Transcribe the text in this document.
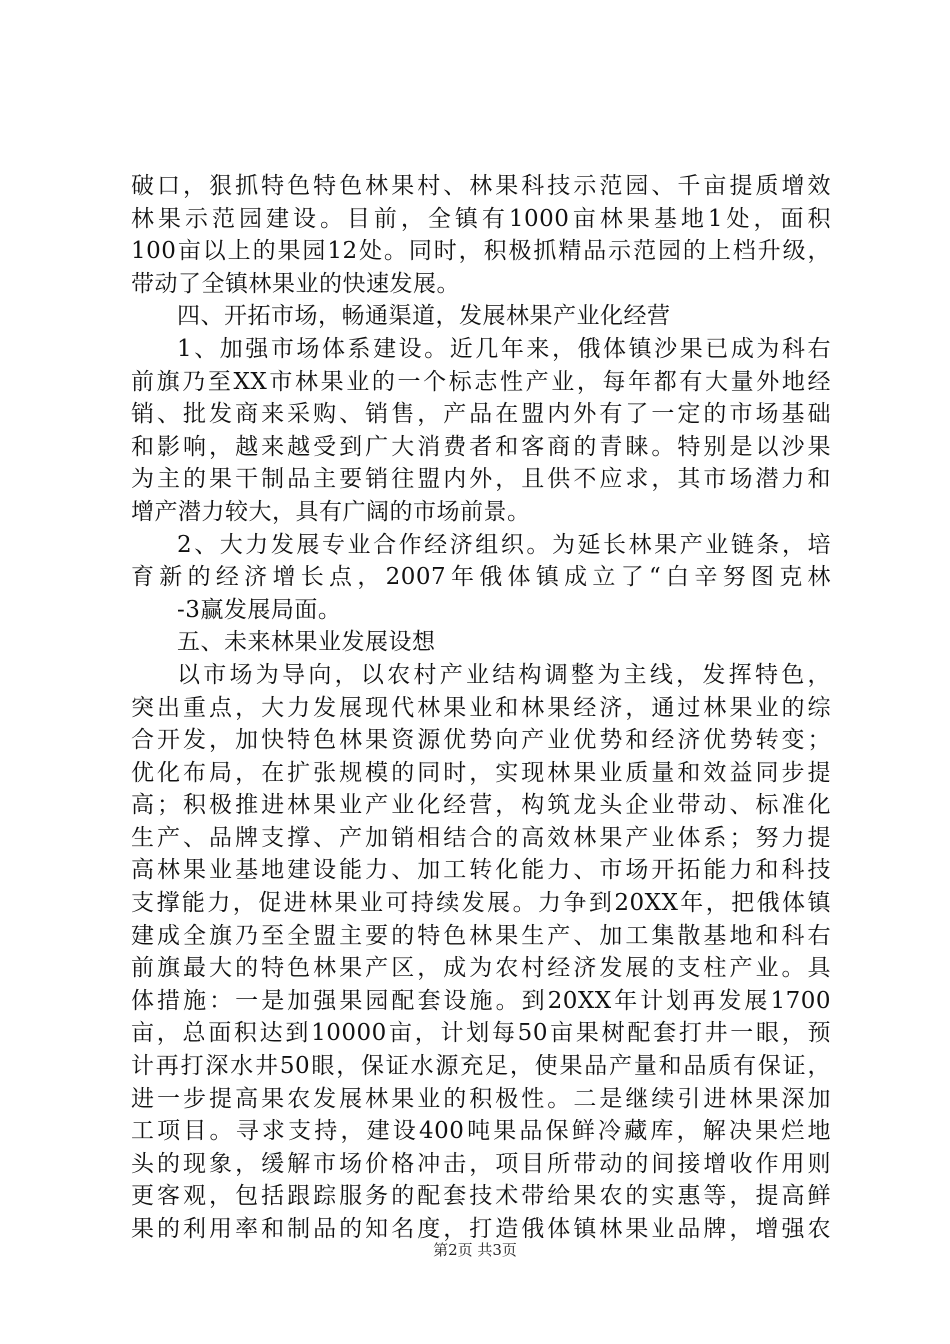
破口，狠抓特色特色林果村、林果科技示范园、千亩提质增效
林果示范园建设。目前，全镇有1000亩林果基地1处，面积
100亩以上的果园12处。同时，积极抓精品示范园的上档升级，
带动了全镇林果业的快速发展。
四、开拓市场，畅通渠道，发展林果产业化经营
1、加强市场体系建设。近几年来，俄体镇沙果已成为科右
前旗乃至XX市林果业的一个标志性产业，每年都有大量外地经
销、批发商来采购、销售，产品在盟内外有了一定的市场基础
和影响，越来越受到广大消费者和客商的青睐。特别是以沙果
为主的果干制品主要销往盟内外，且供不应求，其市场潜力和
增产潜力较大，具有广阔的市场前景。
2、大力发展专业合作经济组织。为延长林果产业链条，培
育新的经济增长点，2007年俄体镇成立了“白辛努图克林
-3赢发展局面。
五、未来林果业发展设想
以市场为导向，以农村产业结构调整为主线，发挥特色，
突出重点，大力发展现代林果业和林果经济，通过林果业的综
合开发，加快特色林果资源优势向产业优势和经济优势转变；
优化布局，在扩张规模的同时，实现林果业质量和效益同步提
高；积极推进林果业产业化经营，构筑龙头企业带动、标准化
生产、品牌支撑、产加销相结合的高效林果产业体系；努力提
高林果业基地建设能力、加工转化能力、市场开拓能力和科技
支撑能力，促进林果业可持续发展。力争到20XX年，把俄体镇
建成全旗乃至全盟主要的特色林果生产、加工集散基地和科右
前旗最大的特色林果产区，成为农村经济发展的支柱产业。具
体措施：一是加强果园配套设施。到20XX年计划再发展1700
亩，总面积达到10000亩，计划每50亩果树配套打井一眼，预
计再打深水井50眼，保证水源充足，使果品产量和品质有保证，
进一步提高果农发展林果业的积极性。二是继续引进林果深加
工项目。寻求支持，建设400吨果品保鲜冷藏库，解决果烂地
头的现象，缓解市场价格冲击，项目所带动的间接增收作用则
更客观，包括跟踪服务的配套技术带给果农的实惠等，提高鲜
果的利用率和制品的知名度，打造俄体镇林果业品牌，增强农
第2页 共3页
